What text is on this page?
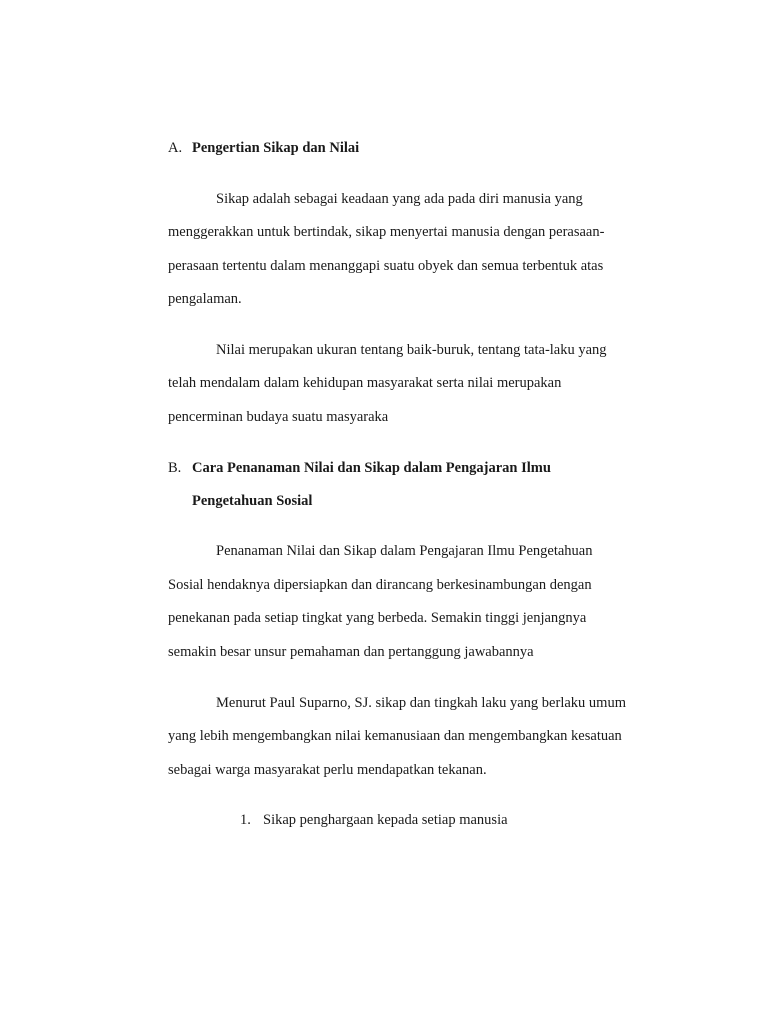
A. Pengertian Sikap dan Nilai
Sikap adalah sebagai keadaan yang ada pada diri manusia yang
menggerakkan untuk bertindak, sikap menyertai manusia dengan perasaan-
perasaan tertentu dalam menanggapi suatu obyek dan semua terbentuk atas
pengalaman.
Nilai merupakan ukuran tentang baik-buruk, tentang tata-laku yang
telah mendalam dalam kehidupan masyarakat serta nilai merupakan
pencerminan budaya suatu masyaraka
B. Cara Penanaman Nilai dan Sikap dalam Pengajaran Ilmu
Pengetahuan Sosial
Penanaman Nilai dan Sikap dalam Pengajaran Ilmu Pengetahuan
Sosial hendaknya dipersiapkan dan dirancang berkesinambungan dengan
penekanan pada setiap tingkat yang berbeda. Semakin tinggi jenjangnya
semakin besar unsur pemahaman dan pertanggung jawabannya
Menurut Paul Suparno, SJ. sikap dan tingkah laku yang berlaku umum
yang lebih mengembangkan nilai kemanusiaan dan mengembangkan kesatuan
sebagai warga masyarakat perlu mendapatkan tekanan.
1. Sikap penghargaan kepada setiap manusia
